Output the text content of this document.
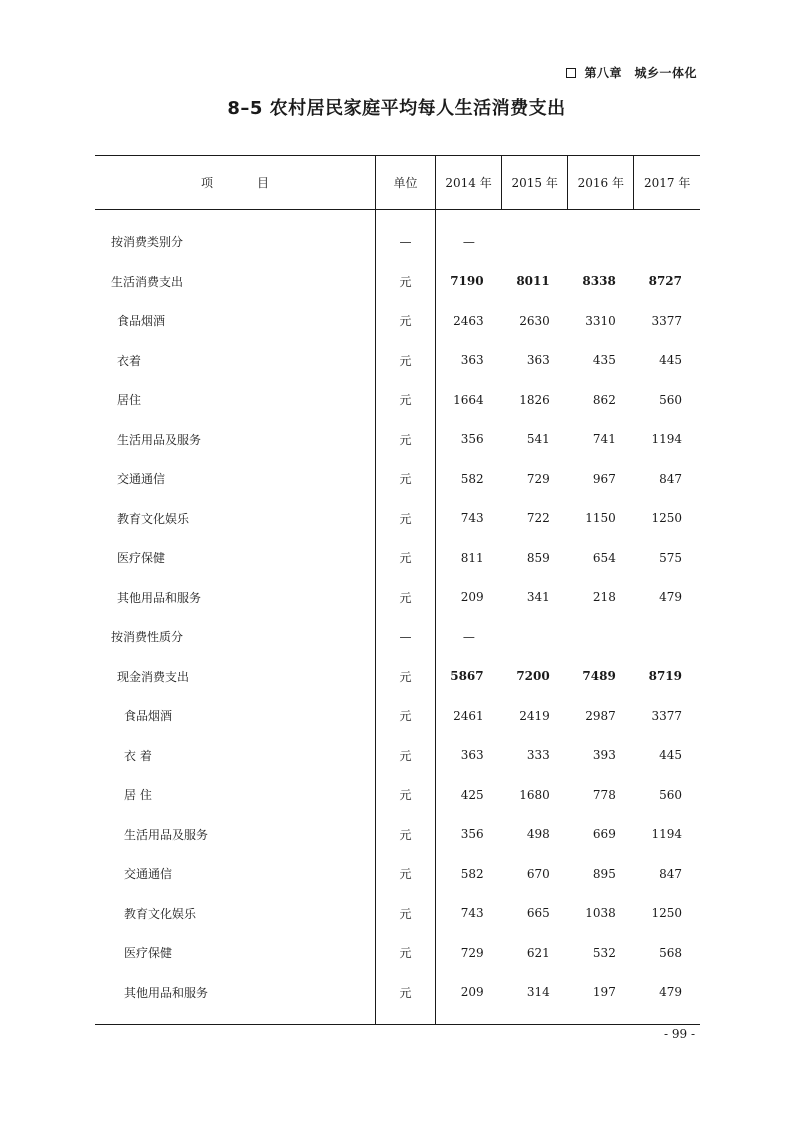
第八章　城乡一体化
8–5 农村居民家庭平均每人生活消费支出
项目	单位	2014 年	2015 年	2016 年	2017 年

按消费类别分	—	—			
生活消费支出	元	7190	8011	8338	8727
食品烟酒	元	2463	2630	3310	3377
衣着	元	363	363	435	445
居住	元	1664	1826	862	560
生活用品及服务	元	356	541	741	1194
交通通信	元	582	729	967	847
教育文化娱乐	元	743	722	1150	1250
医疗保健	元	811	859	654	575
其他用品和服务	元	209	341	218	479
按消费性质分	—	—			
现金消费支出	元	5867	7200	7489	8719
食品烟酒	元	2461	2419	2987	3377
衣 着	元	363	333	393	445
居 住	元	425	1680	778	560
生活用品及服务	元	356	498	669	1194
交通通信	元	582	670	895	847
教育文化娱乐	元	743	665	1038	1250
医疗保健	元	729	621	532	568
其他用品和服务	元	209	314	197	479

- 99 -
